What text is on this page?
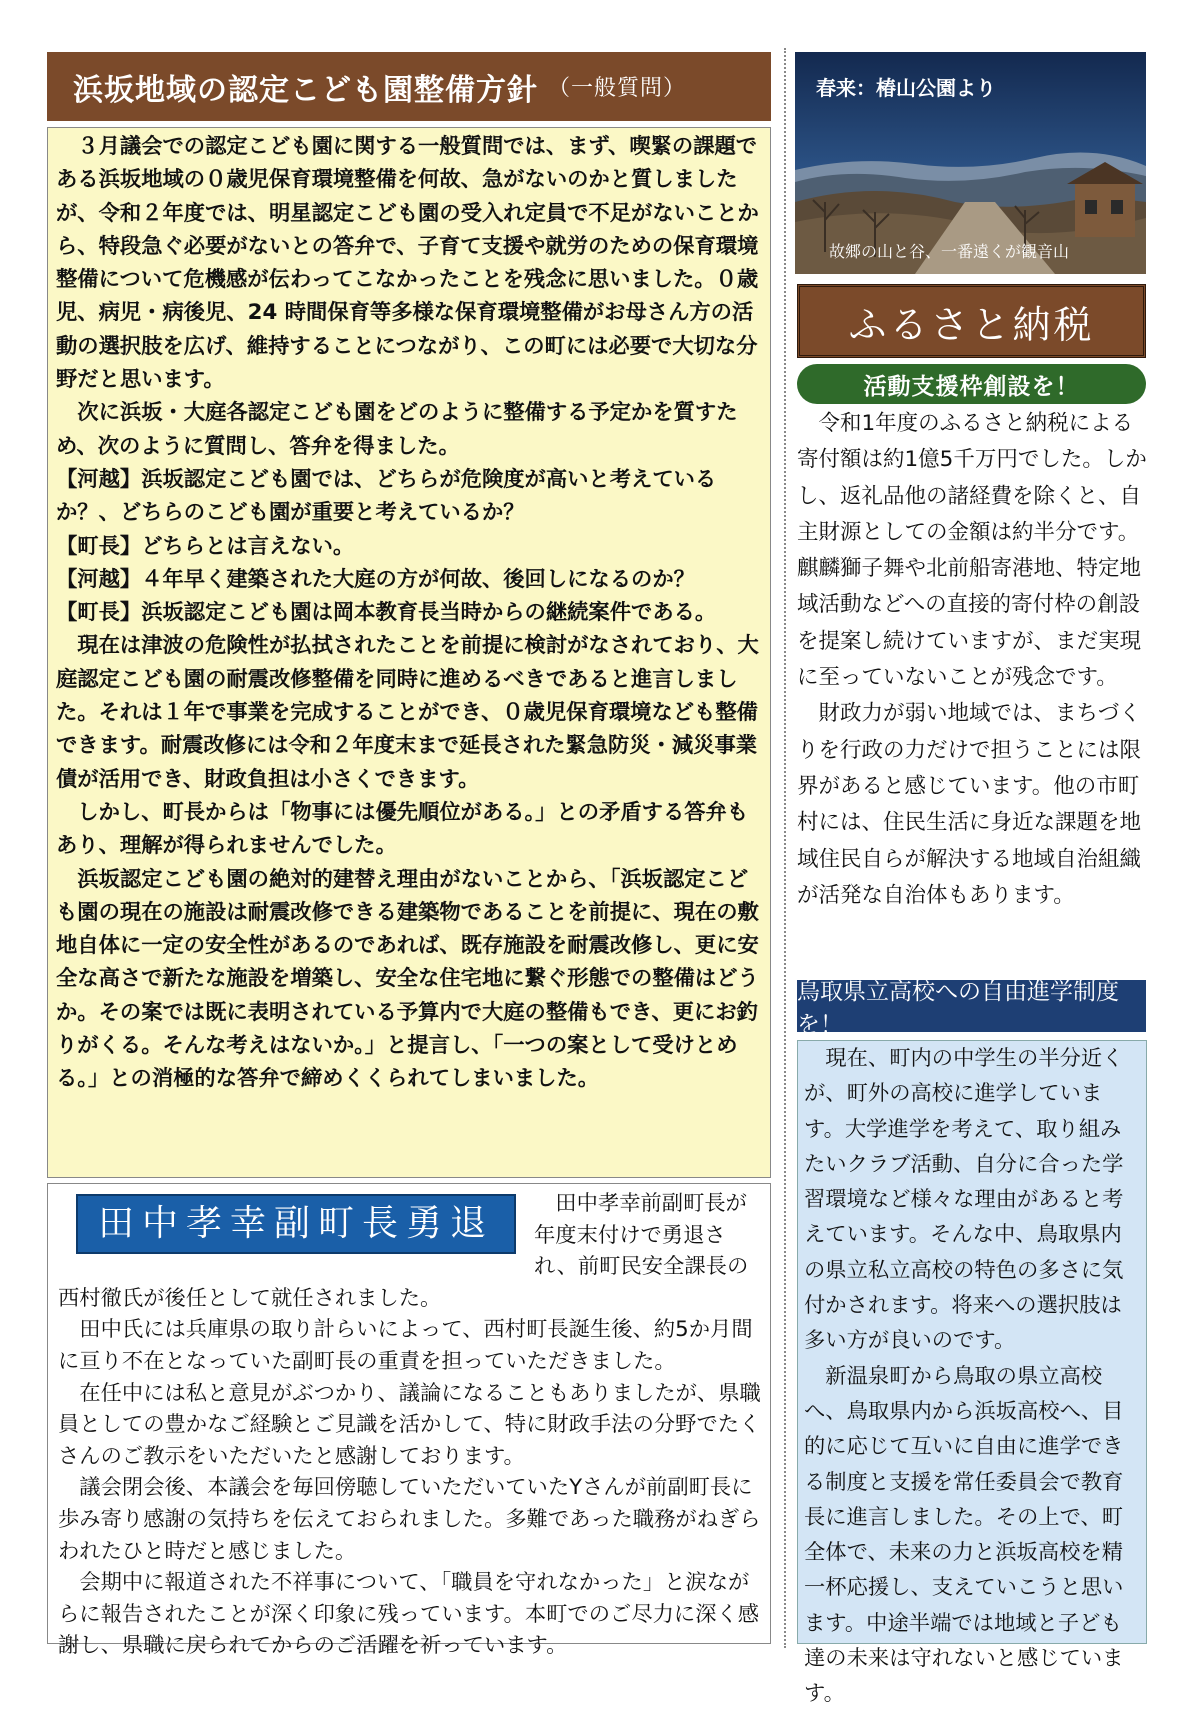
浜坂地域の認定こども園整備方針 （一般質問）

３月議会での認定こども園に関する一般質問では、まず、喫緊の課題である浜坂地域の０歳児保育環境整備を何故、急がないのかと質しましたが、令和２年度では、明星認定こども園の受入れ定員で不足がないことから、特段急ぐ必要がないとの答弁で、子育て支援や就労のための保育環境整備について危機感が伝わってこなかったことを残念に思いました。０歳児、病児・病後児、24 時間保育等多様な保育環境整備がお母さん方の活動の選択肢を広げ、維持することにつながり、この町には必要で大切な分野だと思います。

次に浜坂・大庭各認定こども園をどのように整備する予定かを質すため、次のように質問し、答弁を得ました。

【河越】浜坂認定こども園では、どちらが危険度が高いと考えているか？、どちらのこども園が重要と考えているか？

【町長】どちらとは言えない。

【河越】４年早く建築された大庭の方が何故、後回しになるのか？

【町長】浜坂認定こども園は岡本教育長当時からの継続案件である。

現在は津波の危険性が払拭されたことを前提に検討がなされており、大庭認定こども園の耐震改修整備を同時に進めるべきであると進言しました。それは１年で事業を完成することができ、０歳児保育環境なども整備できます。耐震改修には令和２年度末まで延長された緊急防災・減災事業債が活用でき、財政負担は小さくできます。

しかし、町長からは「物事には優先順位がある。」との矛盾する答弁もあり、理解が得られませんでした。

浜坂認定こども園の絶対的建替え理由がないことから、「浜坂認定こども園の現在の施設は耐震改修できる建築物であることを前提に、現在の敷地自体に一定の安全性があるのであれば、既存施設を耐震改修し、更に安全な高さで新たな施設を増築し、安全な住宅地に繋ぐ形態での整備はどうか。その案では既に表明されている予算内で大庭の整備もでき、更にお釣りがくる。そんな考えはないか。」と提言し、「一つの案として受けとめる。」との消極的な答弁で締めくくられてしまいました。

田中孝幸副町長勇退	田中孝幸前副町長が年度末付けで勇退され、前町民安全課長の西村徹氏が後任として就任されました。

田中氏には兵庫県の取り計らいによって、西村町長誕生後、約5か月間に亘り不在となっていた副町長の重責を担っていただきました。

在任中には私と意見がぶつかり、議論になることもありましたが、県職員としての豊かなご経験とご見識を活かして、特に財政手法の分野でたくさんのご教示をいただいたと感謝しております。

議会閉会後、本議会を毎回傍聴していただいていたYさんが前副町長に歩み寄り感謝の気持ちを伝えておられました。多難であった職務がねぎらわれたひと時だと感じました。

会期中に報道された不祥事について、「職員を守れなかった」と涙ながらに報告されたことが深く印象に残っています。本町でのご尽力に深く感謝し、県職に戻られてからのご活躍を祈っています。

春来：椿山公園より
故郷の山と谷、一番遠くが観音山
ふるさと納税
活動支援枠創設を！

令和1年度のふるさと納税による寄付額は約1億5千万円でした。しかし、返礼品他の諸経費を除くと、自主財源としての金額は約半分です。麒麟獅子舞や北前船寄港地、特定地域活動などへの直接的寄付枠の創設を提案し続けていますが、まだ実現に至っていないことが残念です。

財政力が弱い地域では、まちづくりを行政の力だけで担うことには限界があると感じています。他の市町村には、住民生活に身近な課題を地域住民自らが解決する地域自治組織が活発な自治体もあります。

鳥取県立高校への自由進学制度を！

現在、町内の中学生の半分近くが、町外の高校に進学しています。大学進学を考えて、取り組みたいクラブ活動、自分に合った学習環境など様々な理由があると考えています。そんな中、鳥取県内の県立私立高校の特色の多さに気付かされます。将来への選択肢は多い方が良いのです。

新温泉町から鳥取の県立高校へ、鳥取県内から浜坂高校へ、目的に応じて互いに自由に進学できる制度と支援を常任委員会で教育長に進言しました。その上で、町全体で、未来の力と浜坂高校を精一杯応援し、支えていこうと思います。中途半端では地域と子ども達の未来は守れないと感じています。
